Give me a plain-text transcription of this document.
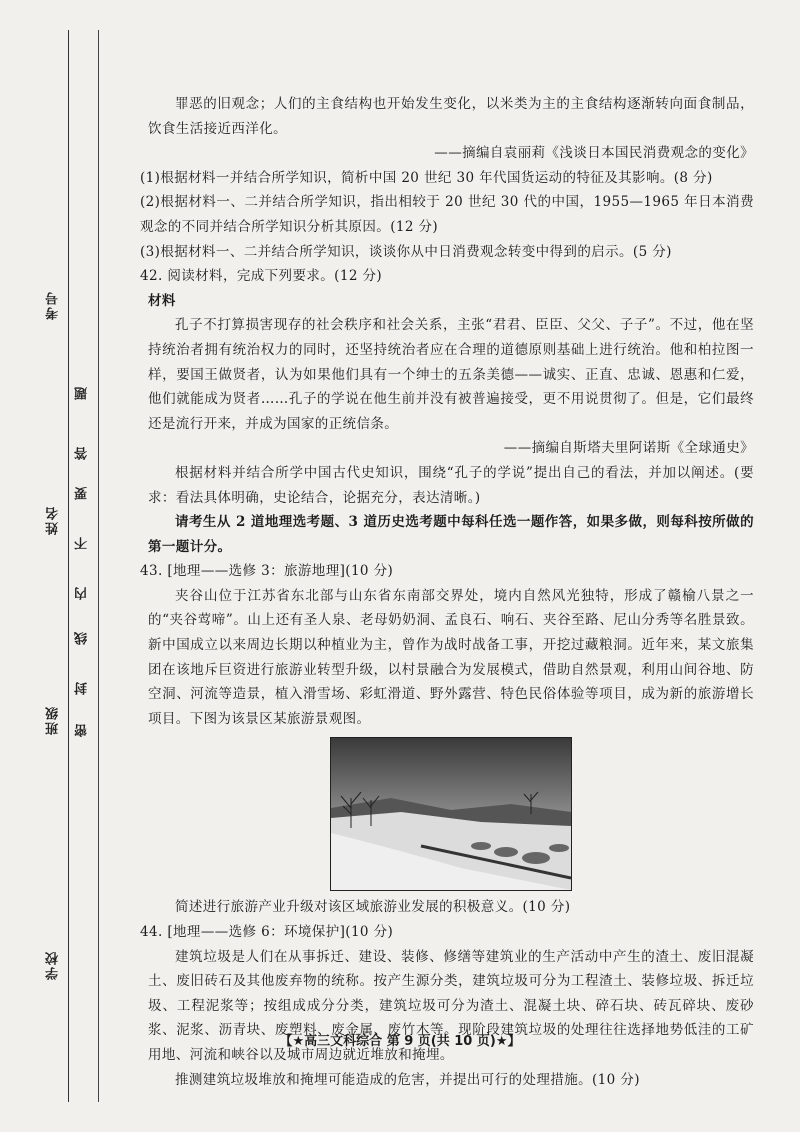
考号
姓名
班级
学校
题
答
要
不
内
线
封
密

罪恶的旧观念；人们的主食结构也开始发生变化，以米类为主的主食结构逐渐转向面食制品，饮食生活接近西洋化。

——摘编自袁丽莉《浅谈日本国民消费观念的变化》

(1)根据材料一并结合所学知识，简析中国 20 世纪 30 年代国货运动的特征及其影响。(8 分)

(2)根据材料一、二并结合所学知识，指出相较于 20 世纪 30 代的中国，1955—1965 年日本消费观念的不同并结合所学知识分析其原因。(12 分)

(3)根据材料一、二并结合所学知识，谈谈你从中日消费观念转变中得到的启示。(5 分)

42. 阅读材料，完成下列要求。(12 分)

材料

孔子不打算损害现存的社会秩序和社会关系，主张“君君、臣臣、父父、子子”。不过，他在坚持统治者拥有统治权力的同时，还坚持统治者应在合理的道德原则基础上进行统治。他和柏拉图一样，要国王做贤者，认为如果他们具有一个绅士的五条美德——诚实、正直、忠诚、恩惠和仁爱，他们就能成为贤者……孔子的学说在他生前并没有被普遍接受，更不用说贯彻了。但是，它们最终还是流行开来，并成为国家的正统信条。

——摘编自斯塔夫里阿诺斯《全球通史》

根据材料并结合所学中国古代史知识，围绕“孔子的学说”提出自己的看法，并加以阐述。(要求：看法具体明确，史论结合，论据充分，表达清晰。)

请考生从 2 道地理选考题、3 道历史选考题中每科任选一题作答，如果多做，则每科按所做的第一题计分。

43. [地理——选修 3：旅游地理](10 分)

夹谷山位于江苏省东北部与山东省东南部交界处，境内自然风光独特，形成了赣榆八景之一的“夹谷莺啼”。山上还有圣人泉、老母奶奶洞、孟良石、响石、夹谷至路、尼山分秀等名胜景致。新中国成立以来周边长期以种植业为主，曾作为战时战备工事，开挖过藏粮洞。近年来，某文旅集团在该地斥巨资进行旅游业转型升级，以村景融合为发展模式，借助自然景观，利用山间谷地、防空洞、河流等造景，植入滑雪场、彩虹滑道、野外露营、特色民俗体验等项目，成为新的旅游增长项目。下图为该景区某旅游景观图。

简述进行旅游产业升级对该区域旅游业发展的积极意义。(10 分)

44. [地理——选修 6：环境保护](10 分)

建筑垃圾是人们在从事拆迁、建设、装修、修缮等建筑业的生产活动中产生的渣土、废旧混凝土、废旧砖石及其他废弃物的统称。按产生源分类，建筑垃圾可分为工程渣土、装修垃圾、拆迁垃圾、工程泥浆等；按组成成分分类，建筑垃圾可分为渣土、混凝土块、碎石块、砖瓦碎块、废砂浆、泥浆、沥青块、废塑料、废金属、废竹木等。现阶段建筑垃圾的处理往往选择地势低洼的工矿用地、河流和峡谷以及城市周边就近堆放和掩埋。

推测建筑垃圾堆放和掩埋可能造成的危害，并提出可行的处理措施。(10 分)

【★高三文科综合 第 9 页(共 10 页)★】
